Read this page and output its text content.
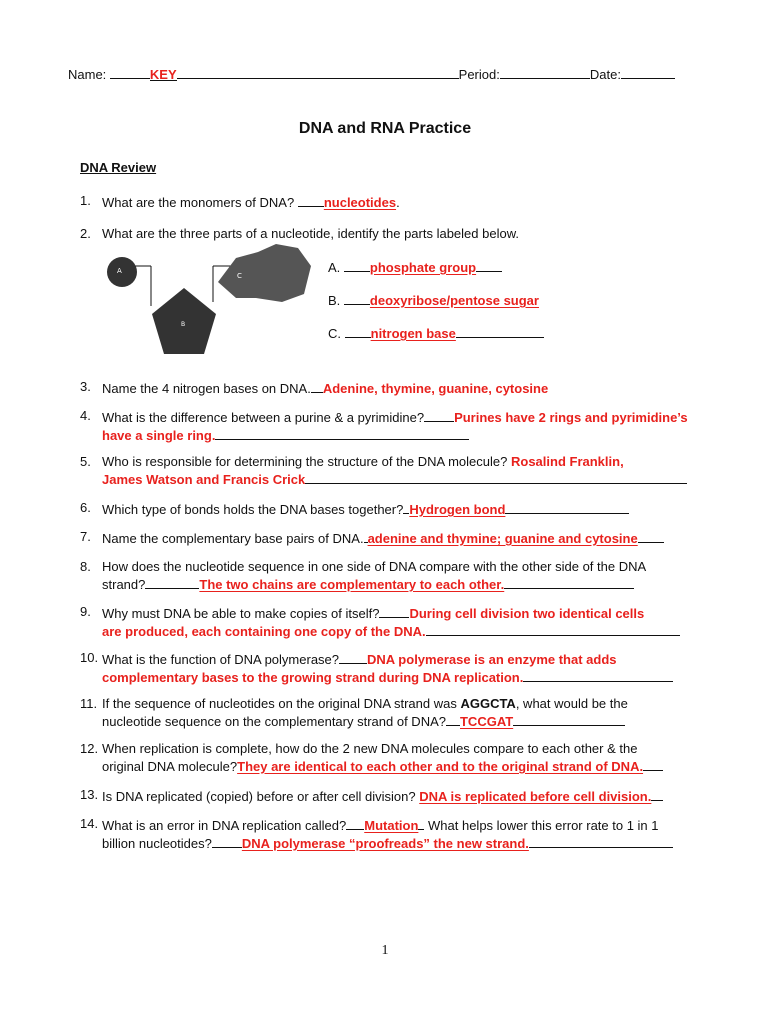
Name:	KEY	Period:	Date:
DNA and RNA Practice
DNA Review
1. What are the monomers of DNA? nucleotides.
2. What are the three parts of a nucleotide, identify the parts labeled below.
A
B
C
A. phosphate group
B. deoxyribose/pentose sugar
C. nitrogen base
3. Name the 4 nitrogen bases on DNA. Adenine, thymine, guanine, cytosine
4. What is the difference between a purine & a pyrimidine? Purines have 2 rings and pyrimidine’s
have a single ring.
5. Who is responsible for determining the structure of the DNA molecule? Rosalind Franklin,
James Watson and Francis Crick
6. Which type of bonds holds the DNA bases together? Hydrogen bond
7. Name the complementary base pairs of DNA. adenine and thymine; guanine and cytosine
8. How does the nucleotide sequence in one side of DNA compare with the other side of the DNA
strand?	The two chains are complementary to each other.
9. Why must DNA be able to make copies of itself? During cell division two identical cells
are produced, each containing one copy of the DNA.
10. What is the function of DNA polymerase? DNA polymerase is an enzyme that adds
complementary bases to the growing strand during DNA replication.
11. If the sequence of nucleotides on the original DNA strand was AGGCTA, what would be the
nucleotide sequence on the complementary strand of DNA? TCCGAT
12. When replication is complete, how do the 2 new DNA molecules compare to each other & the
original DNA molecule?They are identical to each other and to the original strand of DNA.
13. Is DNA replicated (copied) before or after cell division? DNA is replicated before cell division.
14. What is an error in DNA replication called? Mutation What helps lower this error rate to 1 in 1
billion nucleotides? DNA polymerase “proofreads” the new strand.
1
